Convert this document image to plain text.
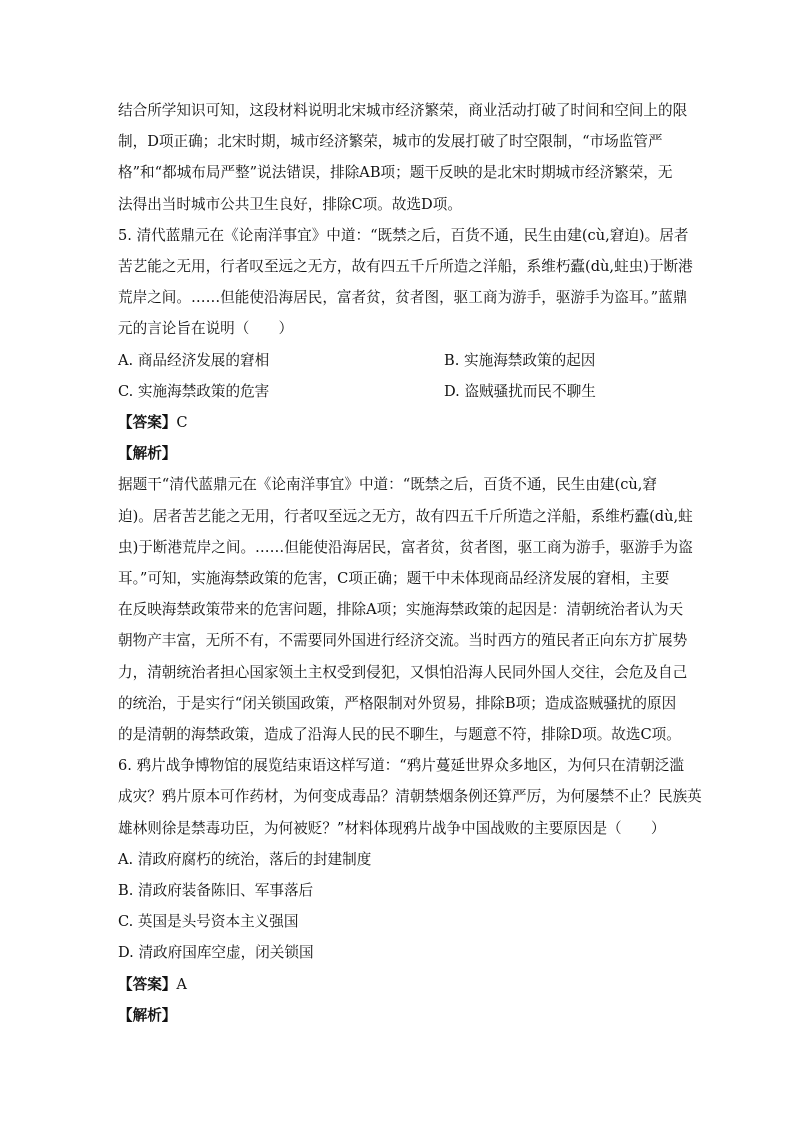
结合所学知识可知，这段材料说明北宋城市经济繁荣，商业活动打破了时间和空间上的限
制，D项正确；北宋时期，城市经济繁荣，城市的发展打破了时空限制，“市场监管严
格”和“都城布局严整”说法错误，排除AB项；题干反映的是北宋时期城市经济繁荣，无
法得出当时城市公共卫生良好，排除C项。故选D项。
5. 清代蓝鼎元在《论南洋事宜》中道：“既禁之后，百货不通，民生由建(cù,窘迫)。居者
苦艺能之无用，行者叹至远之无方，故有四五千斤所造之洋船，系维朽蠹(dù,蛀虫)于断港
荒岸之间。……但能使沿海居民，富者贫，贫者图，驱工商为游手，驱游手为盗耳。”蓝鼎
元的言论旨在说明（　　）
A. 商品经济发展的窘相	B. 实施海禁政策的起因
C. 实施海禁政策的危害	D. 盗贼骚扰而民不聊生
【答案】C
【解析】
据题干“清代蓝鼎元在《论南洋事宜》中道：“既禁之后，百货不通，民生由建(cù,窘
迫)。居者苦艺能之无用，行者叹至远之无方，故有四五千斤所造之洋船，系维朽蠹(dù,蛀
虫)于断港荒岸之间。……但能使沿海居民，富者贫，贫者图，驱工商为游手，驱游手为盗
耳。”可知，实施海禁政策的危害，C项正确；题干中未体现商品经济发展的窘相，主要
在反映海禁政策带来的危害问题，排除A项；实施海禁政策的起因是：清朝统治者认为天
朝物产丰富，无所不有，不需要同外国进行经济交流。当时西方的殖民者正向东方扩展势
力，清朝统治者担心国家领土主权受到侵犯，又惧怕沿海人民同外国人交往，会危及自己
的统治，于是实行“闭关锁国政策，严格限制对外贸易，排除B项；造成盗贼骚扰的原因
的是清朝的海禁政策，造成了沿海人民的民不聊生，与题意不符，排除D项。故选C项。
6. 鸦片战争博物馆的展览结束语这样写道：“鸦片蔓延世界众多地区，为何只在清朝泛滥
成灾？鸦片原本可作药材，为何变成毒品？清朝禁烟条例还算严厉，为何屡禁不止？民族英
雄林则徐是禁毒功臣，为何被贬？”材料体现鸦片战争中国战败的主要原因是（　　）
A. 清政府腐朽的统治，落后的封建制度
B. 清政府装备陈旧、军事落后
C. 英国是头号资本主义强国
D. 清政府国库空虚，闭关锁国
【答案】A
【解析】
